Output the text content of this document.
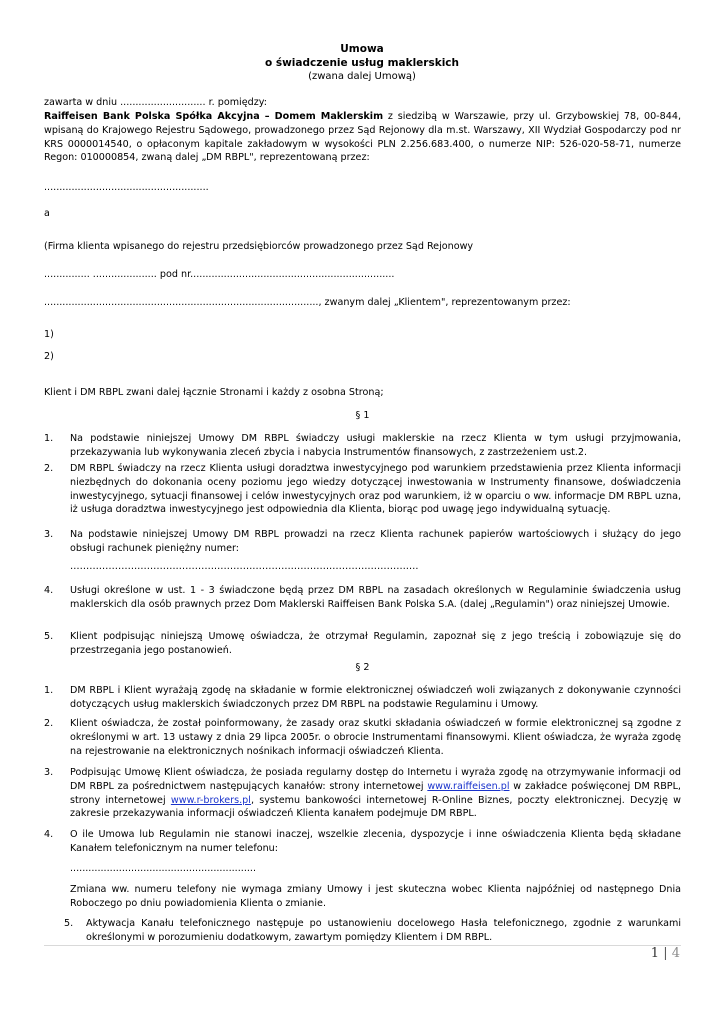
Umowa
o świadczenie usług maklerskich
(zwana dalej Umową)
zawarta w dniu ............................ r. pomiędzy:
Raiffeisen Bank Polska Spółka Akcyjna – Domem Maklerskim z siedzibą w Warszawie, przy ul. Grzybowskiej 78, 00-844, wpisaną do Krajowego Rejestru Sądowego, prowadzonego przez Sąd Rejonowy dla m.st. Warszawy, XII Wydział Gospodarczy pod nr KRS 0000014540, o opłaconym kapitale zakładowym w wysokości PLN 2.256.683.400, o numerze NIP: 526-020-58-71, numerze Regon: 010000854, zwaną dalej „DM RBPL", reprezentowaną przez:
......................................................
a
(Firma klienta wpisanego do rejestru przedsiębiorców prowadzonego przez Sąd Rejonowy
............... ..................... pod nr...................................................................
.........................................................................................., zwanym dalej „Klientem", reprezentowanym przez:
1)
2)
Klient i DM RBPL zwani dalej łącznie Stronami i każdy z osobna Stroną;
§ 1
1. Na podstawie niniejszej Umowy DM RBPL świadczy usługi maklerskie na rzecz Klienta w tym usługi przyjmowania, przekazywania lub wykonywania zleceń zbycia i nabycia Instrumentów finansowych, z zastrzeżeniem ust.2.
2. DM RBPL świadczy na rzecz Klienta usługi doradztwa inwestycyjnego pod warunkiem przedstawienia przez Klienta informacji niezbędnych do dokonania oceny poziomu jego wiedzy dotyczącej inwestowania w Instrumenty finansowe, doświadczenia inwestycyjnego, sytuacji finansowej i celów inwestycyjnych oraz pod warunkiem, iż w oparciu o ww. informacje DM RBPL uzna, iż usługa doradztwa inwestycyjnego jest odpowiednia dla Klienta, biorąc pod uwagę jego indywidualną sytuację.
3. Na podstawie niniejszej Umowy DM RBPL prowadzi na rzecz Klienta rachunek papierów wartościowych i służący do jego obsługi rachunek pieniężny numer:
……………………………………………………………………………………………….
4. Usługi określone w ust. 1 - 3 świadczone będą przez DM RBPL na zasadach określonych w Regulaminie świadczenia usług maklerskich dla osób prawnych przez Dom Maklerski Raiffeisen Bank Polska S.A. (dalej „Regulamin") oraz niniejszej Umowie.
5. Klient podpisując niniejszą Umowę oświadcza, że otrzymał Regulamin, zapoznał się z jego treścią i zobowiązuje się do przestrzegania jego postanowień.
§ 2
1. DM RBPL i Klient wyrażają zgodę na składanie w formie elektronicznej oświadczeń woli związanych z dokonywanie czynności dotyczących usług maklerskich świadczonych przez DM RBPL na podstawie Regulaminu i Umowy.
2. Klient oświadcza, że został poinformowany, że zasady oraz skutki składania oświadczeń w formie elektronicznej są zgodne z określonymi w art. 13 ustawy z dnia 29 lipca 2005r. o obrocie Instrumentami finansowymi. Klient oświadcza, że wyraża zgodę na rejestrowanie na elektronicznych nośnikach informacji oświadczeń Klienta.
3. Podpisując Umowę Klient oświadcza, że posiada regularny dostęp do Internetu i wyraża zgodę na otrzymywanie informacji od DM RBPL za pośrednictwem następujących kanałów: strony internetowej www.raiffeisen.pl w zakładce poświęconej DM RBPL, strony internetowej www.r-brokers.pl, systemu bankowości internetowej R-Online Biznes, poczty elektronicznej. Decyzję w zakresie przekazywania informacji oświadczeń Klienta kanałem podejmuje DM RBPL.
4. O ile Umowa lub Regulamin nie stanowi inaczej, wszelkie zlecenia, dyspozycje i inne oświadczenia Klienta będą składane Kanałem telefonicznym na numer telefonu:
.............................................................
Zmiana ww. numeru telefony nie wymaga zmiany Umowy i jest skuteczna wobec Klienta najpóźniej od następnego Dnia Roboczego po dniu powiadomienia Klienta o zmianie.
5. Aktywacja Kanału telefonicznego następuje po ustanowieniu docelowego Hasła telefonicznego, zgodnie z warunkami określonymi w porozumieniu dodatkowym, zawartym pomiędzy Klientem i DM RBPL.
1 | 4
